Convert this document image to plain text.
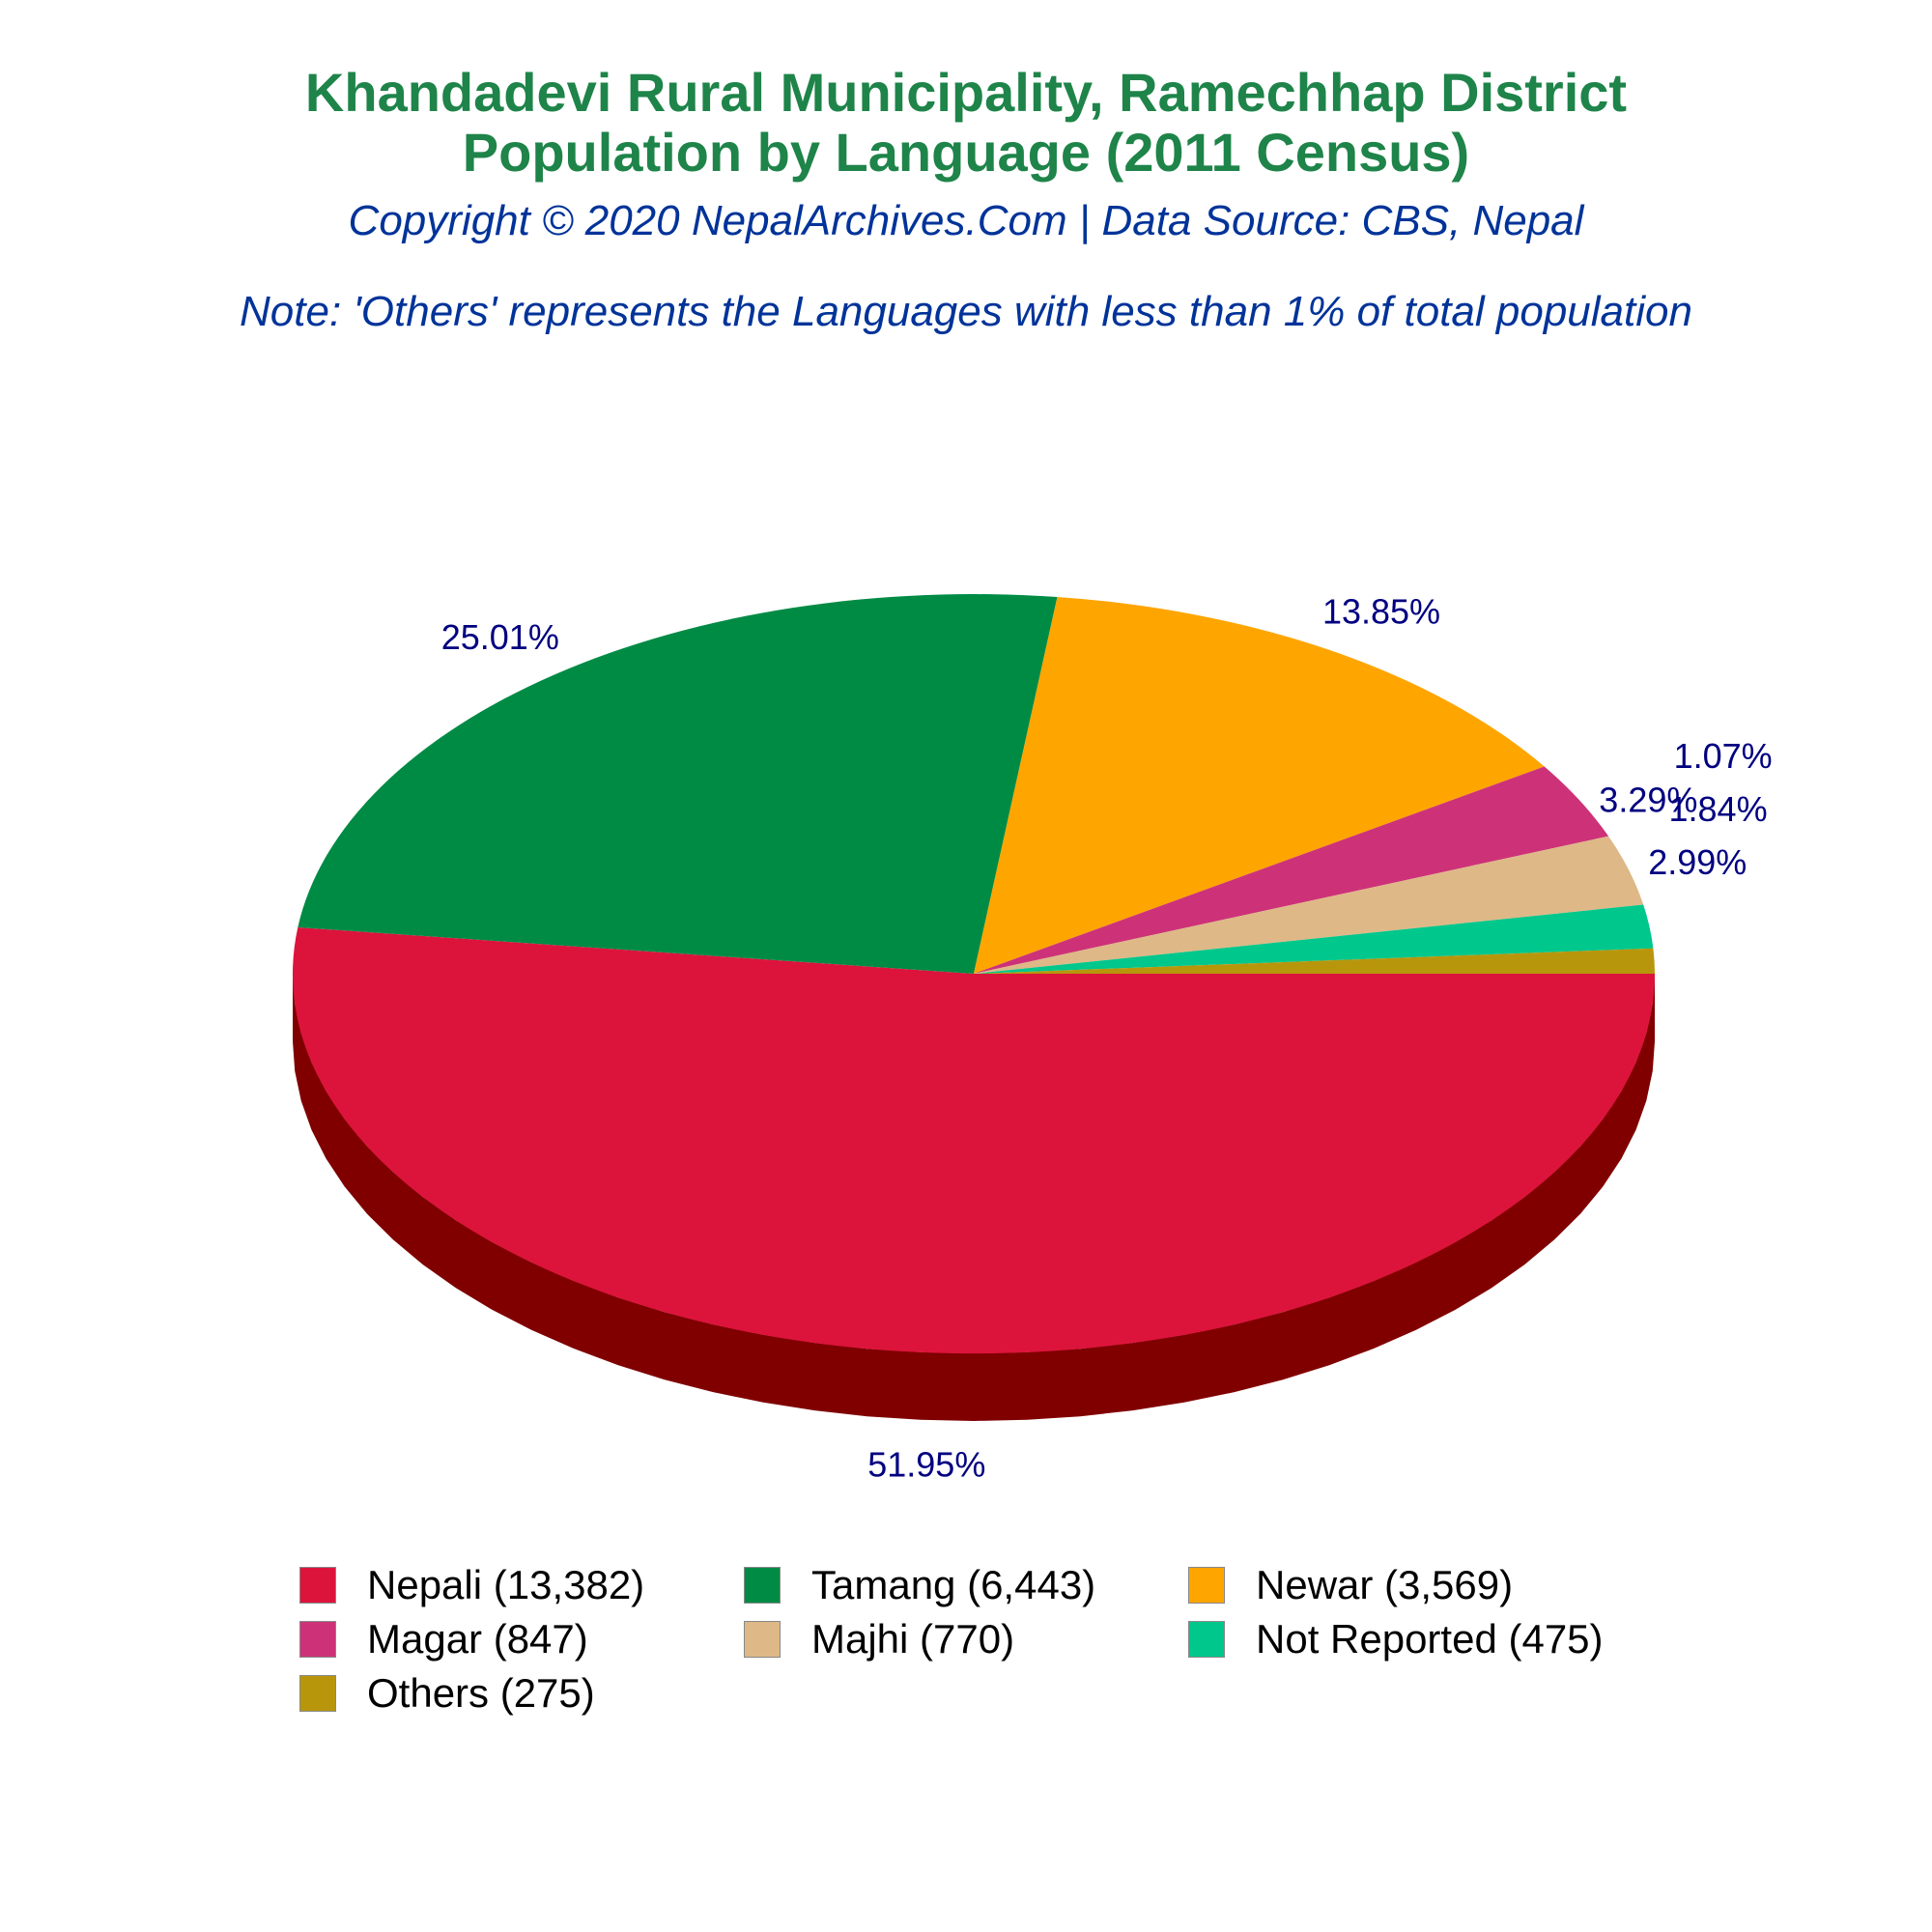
Khandadevi Rural Municipality, Ramechhap District
Population by Language (2011 Census)
Copyright © 2020 NepalArchives.Com | Data Source: CBS, Nepal
Note: 'Others' represents the Languages with less than 1% of total population
51.95%
25.01%
13.85%
3.29%
2.99%
1.84%
1.07%
Nepali (13,382)	Tamang (6,443)	Newar (3,569)
Magar (847)	Majhi (770)	Not Reported (475)
Others (275)
